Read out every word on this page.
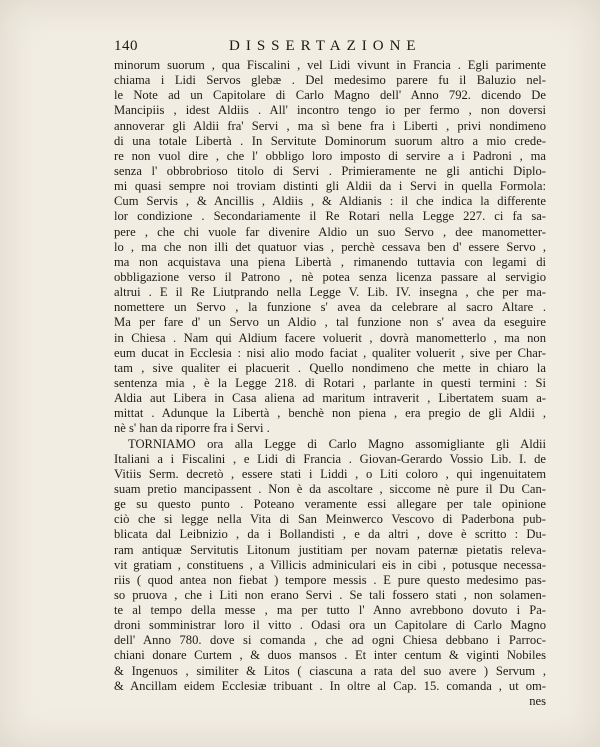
140	DISSERTAZIONE
minorum suorum , qua Fiscalini , vel Lidi vivunt in Francia . Egli parimente
chiama i Lidi Servos glebæ . Del medesimo parere fu il Baluzio nel-
le Note ad un Capitolare di Carlo Magno dell' Anno 792. dicendo De
Mancipiis , idest Aldiis . All' incontro tengo io per fermo , non doversi
annoverar gli Aldii fra' Servi , ma sì bene fra i Liberti , privi nondimeno
di una totale Libertà . In Servitute Dominorum suorum altro a mio crede-
re non vuol dire , che l' obbligo loro imposto di servire a i Padroni , ma
senza l' obbrobrioso titolo di Servi . Primieramente ne gli antichi Diplo-
mi quasi sempre noi troviam distinti gli Aldii da i Servi in quella Formola:
Cum Servis , & Ancillis , Aldiis , & Aldianis : il che indica la differente
lor condizione . Secondariamente il Re Rotari nella Legge 227. ci fa sa-
pere , che chi vuole far divenire Aldio un suo Servo , dee manometter-
lo , ma che non illi det quatuor vias , perchè cessava ben d' essere Servo ,
ma non acquistava una piena Libertà , rimanendo tuttavia con legami di
obbligazione verso il Patrono , nè potea senza licenza passare al servigio
altrui . E il Re Liutprando nella Legge V. Lib. IV. insegna , che per ma-
nomettere un Servo , la funzione s' avea da celebrare al sacro Altare .
Ma per fare d' un Servo un Aldio , tal funzione non s' avea da eseguire
in Chiesa . Nam qui Aldium facere voluerit , dovrà manometterlo , ma non
eum ducat in Ecclesia : nisi alio modo faciat , qualiter voluerit , sive per Char-
tam , sive qualiter ei placuerit . Quello nondimeno che mette in chiaro la
sentenza mia , è la Legge 218. di Rotari , parlante in questi termini : Si
Aldia aut Libera in Casa aliena ad maritum intraverit , Libertatem suam a-
mittat . Adunque la Libertà , benchè non piena , era pregio de gli Aldii ,
nè s' han da riporre fra i Servi .
TORNIAMO ora alla Legge di Carlo Magno assomigliante gli Aldii
Italiani a i Fiscalini , e Lidi di Francia . Giovan-Gerardo Vossio Lib. I. de
Vitiis Serm. decretò , essere stati i Liddi , o Liti coloro , qui ingenuitatem
suam pretio mancipassent . Non è da ascoltare , siccome nè pure il Du Can-
ge su questo punto . Poteano veramente essi allegare per tale opinione
ciò che si legge nella Vita di San Meinwerco Vescovo di Paderbona pub-
blicata dal Leibnizio , da i Bollandisti , e da altri , dove è scritto : Du-
ram antiquæ Servitutis Litonum justitiam per novam paternæ pietatis releva-
vit gratiam , constituens , a Villicis adminiculari eis in cibi , potusque necessa-
riis ( quod antea non fiebat ) tempore messis . E pure questo medesimo pas-
so pruova , che i Liti non erano Servi . Se tali fossero stati , non solamen-
te al tempo della messe , ma per tutto l' Anno avrebbono dovuto i Pa-
droni somministrar loro il vitto . Odasi ora un Capitolare di Carlo Magno
dell' Anno 780. dove si comanda , che ad ogni Chiesa debbano i Parroc-
chiani donare Curtem , & duos mansos . Et inter centum & viginti Nobiles
& Ingenuos , similiter & Litos ( ciascuna a rata del suo avere ) Servum ,
& Ancillam eidem Ecclesiæ tribuant . In oltre al Cap. 15. comanda , ut om-
nes
